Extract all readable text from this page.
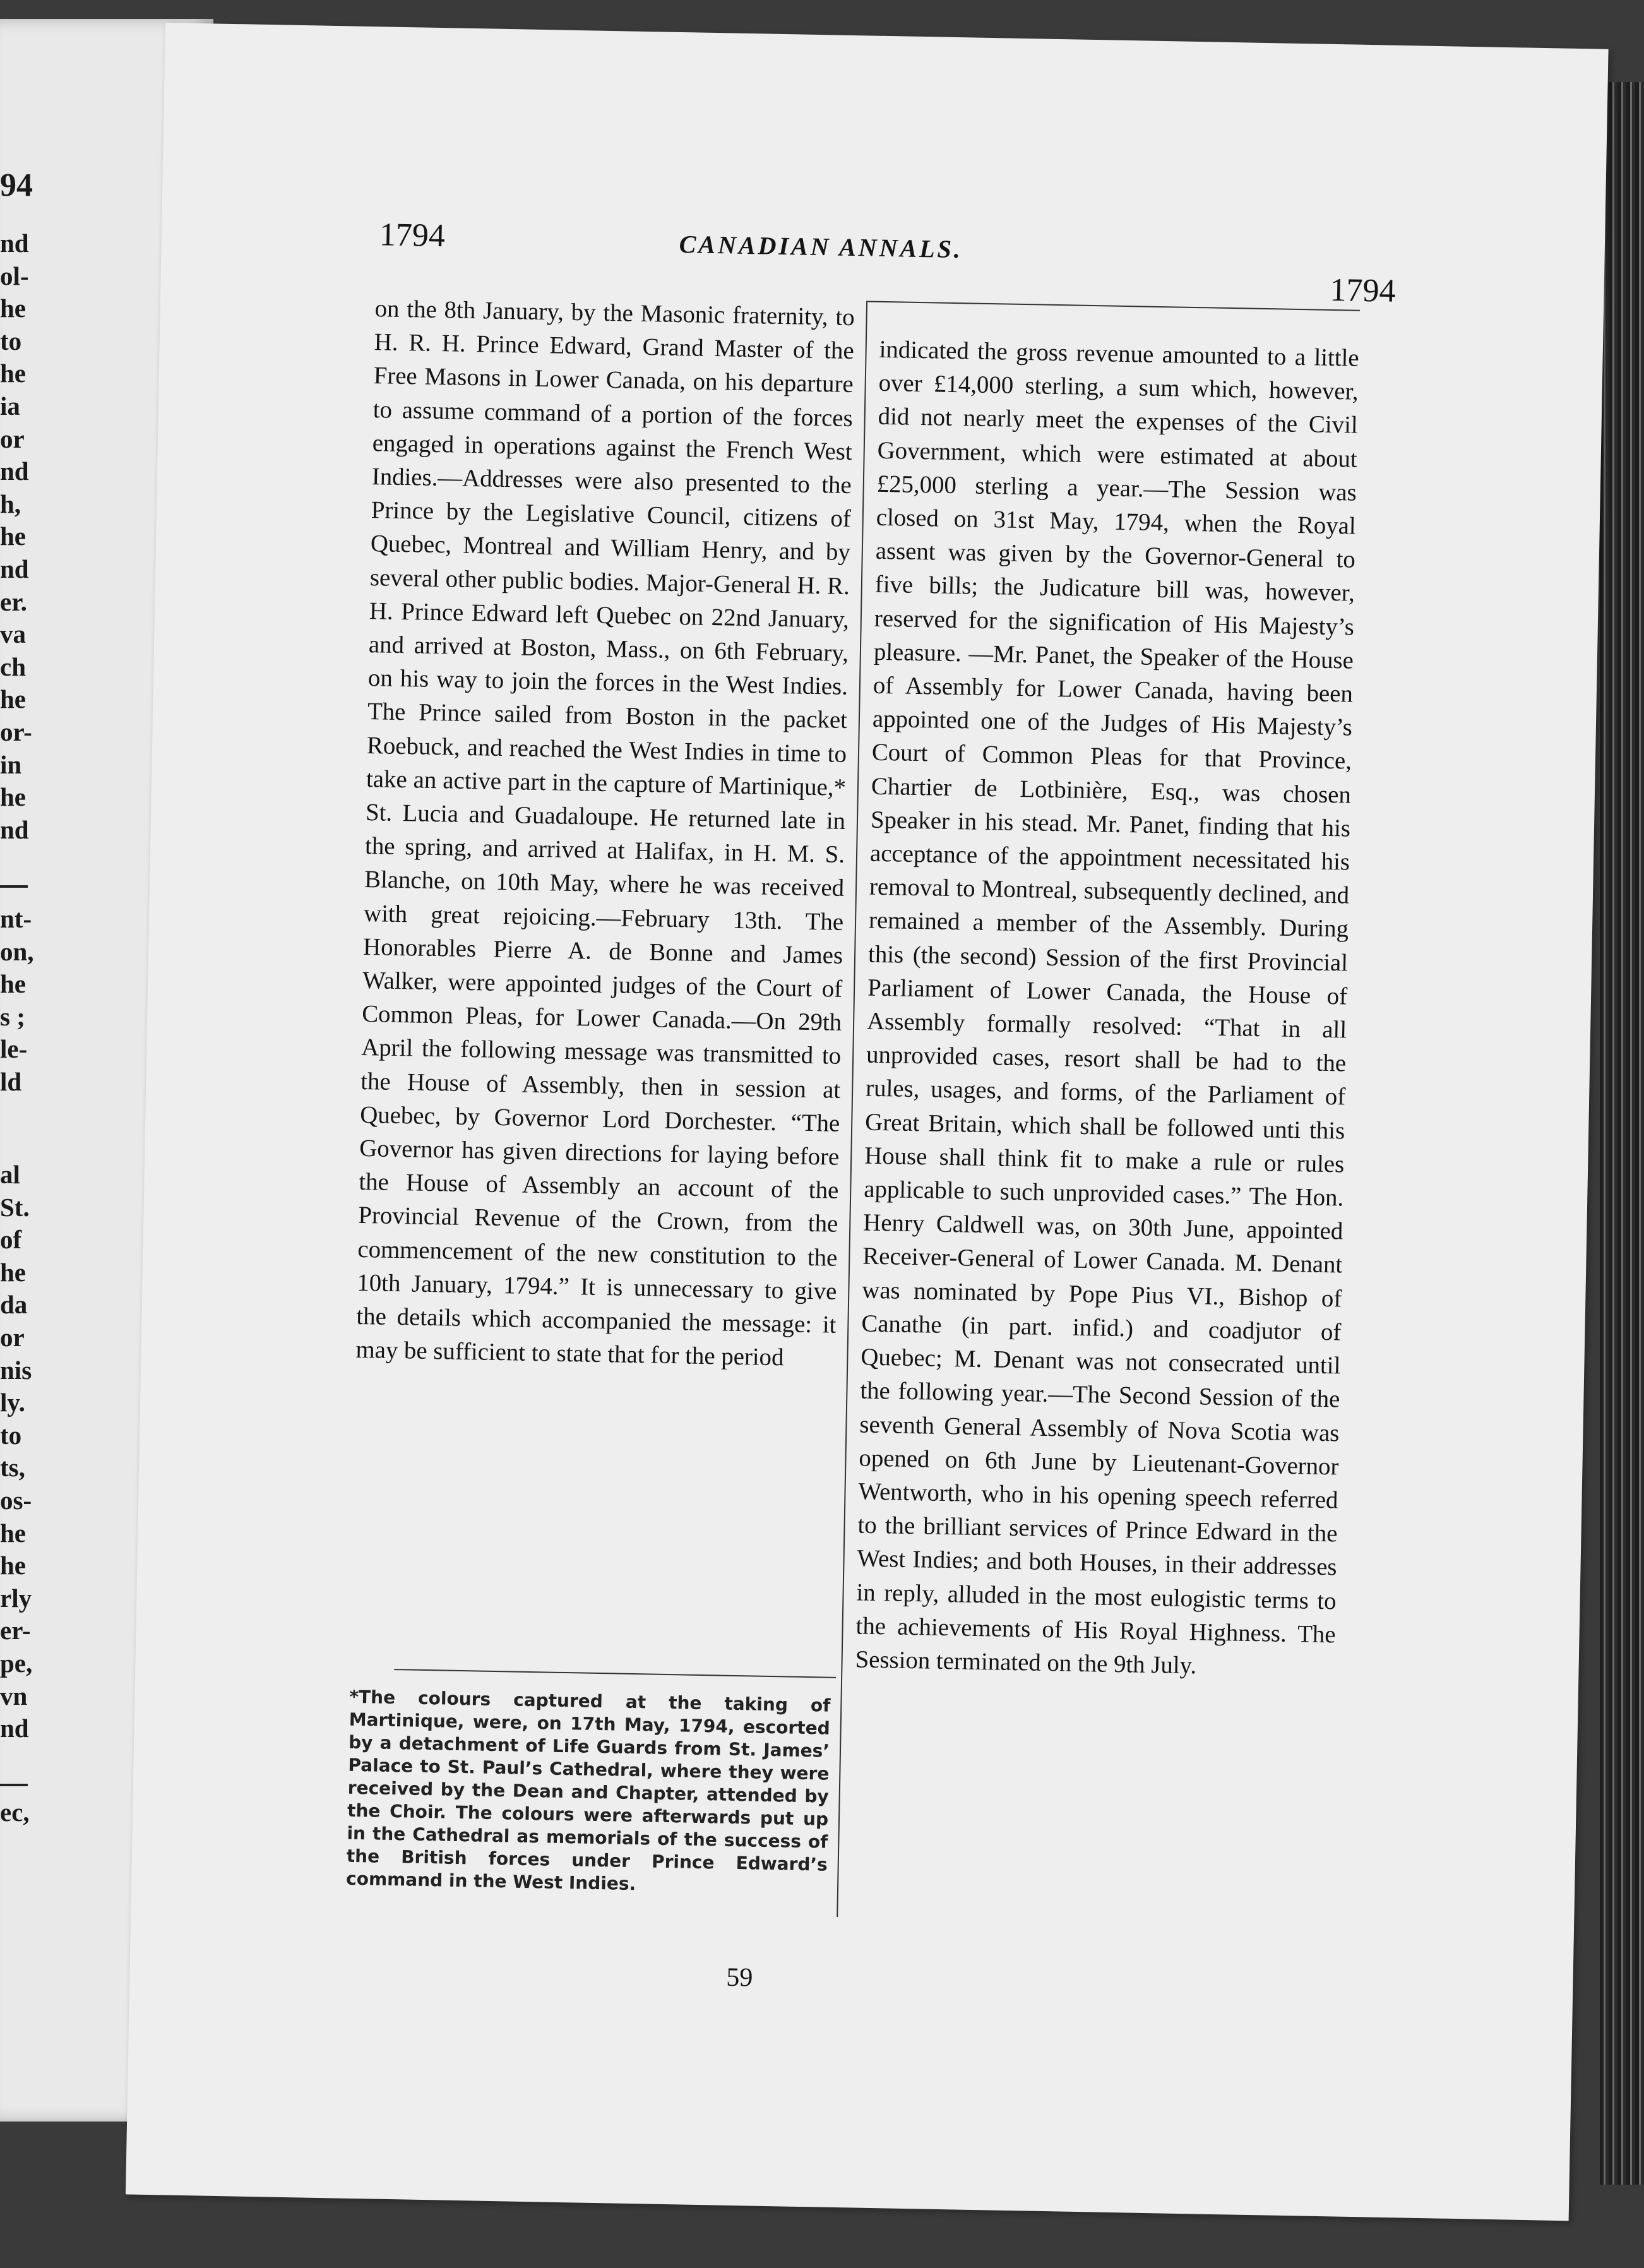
94
nd
ol-
he
to
he
ia
or
nd
h,
he
nd
er.
va
ch
he
or-
in
he
nd
nt-
on,
he
s ;
le-
ld
al
St.
of
he
da
or
nis
ly.
to
ts,
os-
he
he
rly
er-
pe,
vn
nd
ec,
1794	CANADIAN ANNALS.
1794

on the 8th January, by the Masonic fraternity, to H. R. H. Prince Edward, Grand Master of the Free Masons in Lower Canada, on his departure to assume command of a portion of the forces engaged in operations against the French West Indies.—Addresses were also presented to the Prince by the Legislative Council, citizens of Quebec, Montreal and William Henry, and by several other public bodies. Major-General H. R. H. Prince Edward left Quebec on 22nd January, and arrived at Boston, Mass., on 6th February, on his way to join the forces in the West Indies. The Prince sailed from Boston in the packet Roebuck, and reached the West Indies in time to take an active part in the capture of Martinique,* St. Lucia and Guadaloupe. He returned late in the spring, and arrived at Halifax, in H. M. S. Blanche, on 10th May, where he was received with great rejoicing.—February 13th. The Honorables Pierre A. de Bonne and James Walker, were appointed judges of the Court of Common Pleas, for Lower Canada.—On 29th April the following message was transmitted to the House of Assembly, then in session at Quebec, by Governor Lord Dorchester. “The Governor has given directions for laying before the House of Assembly an account of the Provincial Revenue of the Crown, from the commencement of the new constitution to the 10th January, 1794.” It is unnecessary to give the details which accompanied the message: it may be sufficient to state that for the period

indicated the gross revenue amounted to a little over £14,000 sterling, a sum which, however, did not nearly meet the expenses of the Civil Government, which were estimated at about £25,000 sterling a year.—The Session was closed on 31st May, 1794, when the Royal assent was given by the Governor-General to five bills; the Judicature bill was, however, reserved for the signification of His Majesty’s pleasure. —Mr. Panet, the Speaker of the House of Assembly for Lower Canada, having been appointed one of the Judges of His Majesty’s Court of Common Pleas for that Province, Chartier de Lotbinière, Esq., was chosen Speaker in his stead. Mr. Panet, finding that his acceptance of the appointment necessitated his removal to Montreal, subsequently declined, and remained a member of the Assembly. During this (the second) Session of the first Provincial Parliament of Lower Canada, the House of Assembly formally resolved: “That in all unprovided cases, resort shall be had to the rules, usages, and forms, of the Parliament of Great Britain, which shall be followed unti this House shall think fit to make a rule or rules applicable to such unprovided cases.” The Hon. Henry Caldwell was, on 30th June, appointed Receiver-General of Lower Canada. M. Denant was nominated by Pope Pius VI., Bishop of Canathe (in part. infid.) and coadjutor of Quebec; M. Denant was not consecrated until the following year.—The Second Session of the seventh General Assembly of Nova Scotia was opened on 6th June by Lieutenant-Governor Wentworth, who in his opening speech referred to the brilliant services of Prince Edward in the West Indies; and both Houses, in their addresses in reply, alluded in the most eulogistic terms to the achievements of His Royal Highness. The Session terminated on the 9th July.

*The colours captured at the taking of Martinique, were, on 17th May, 1794, escorted by a detachment of Life Guards from St. James’ Palace to St. Paul’s Cathedral, where they were received by the Dean and Chapter, attended by the Choir. The colours were afterwards put up in the Cathedral as memorials of the success of the British forces under Prince Edward’s command in the West Indies.
59
